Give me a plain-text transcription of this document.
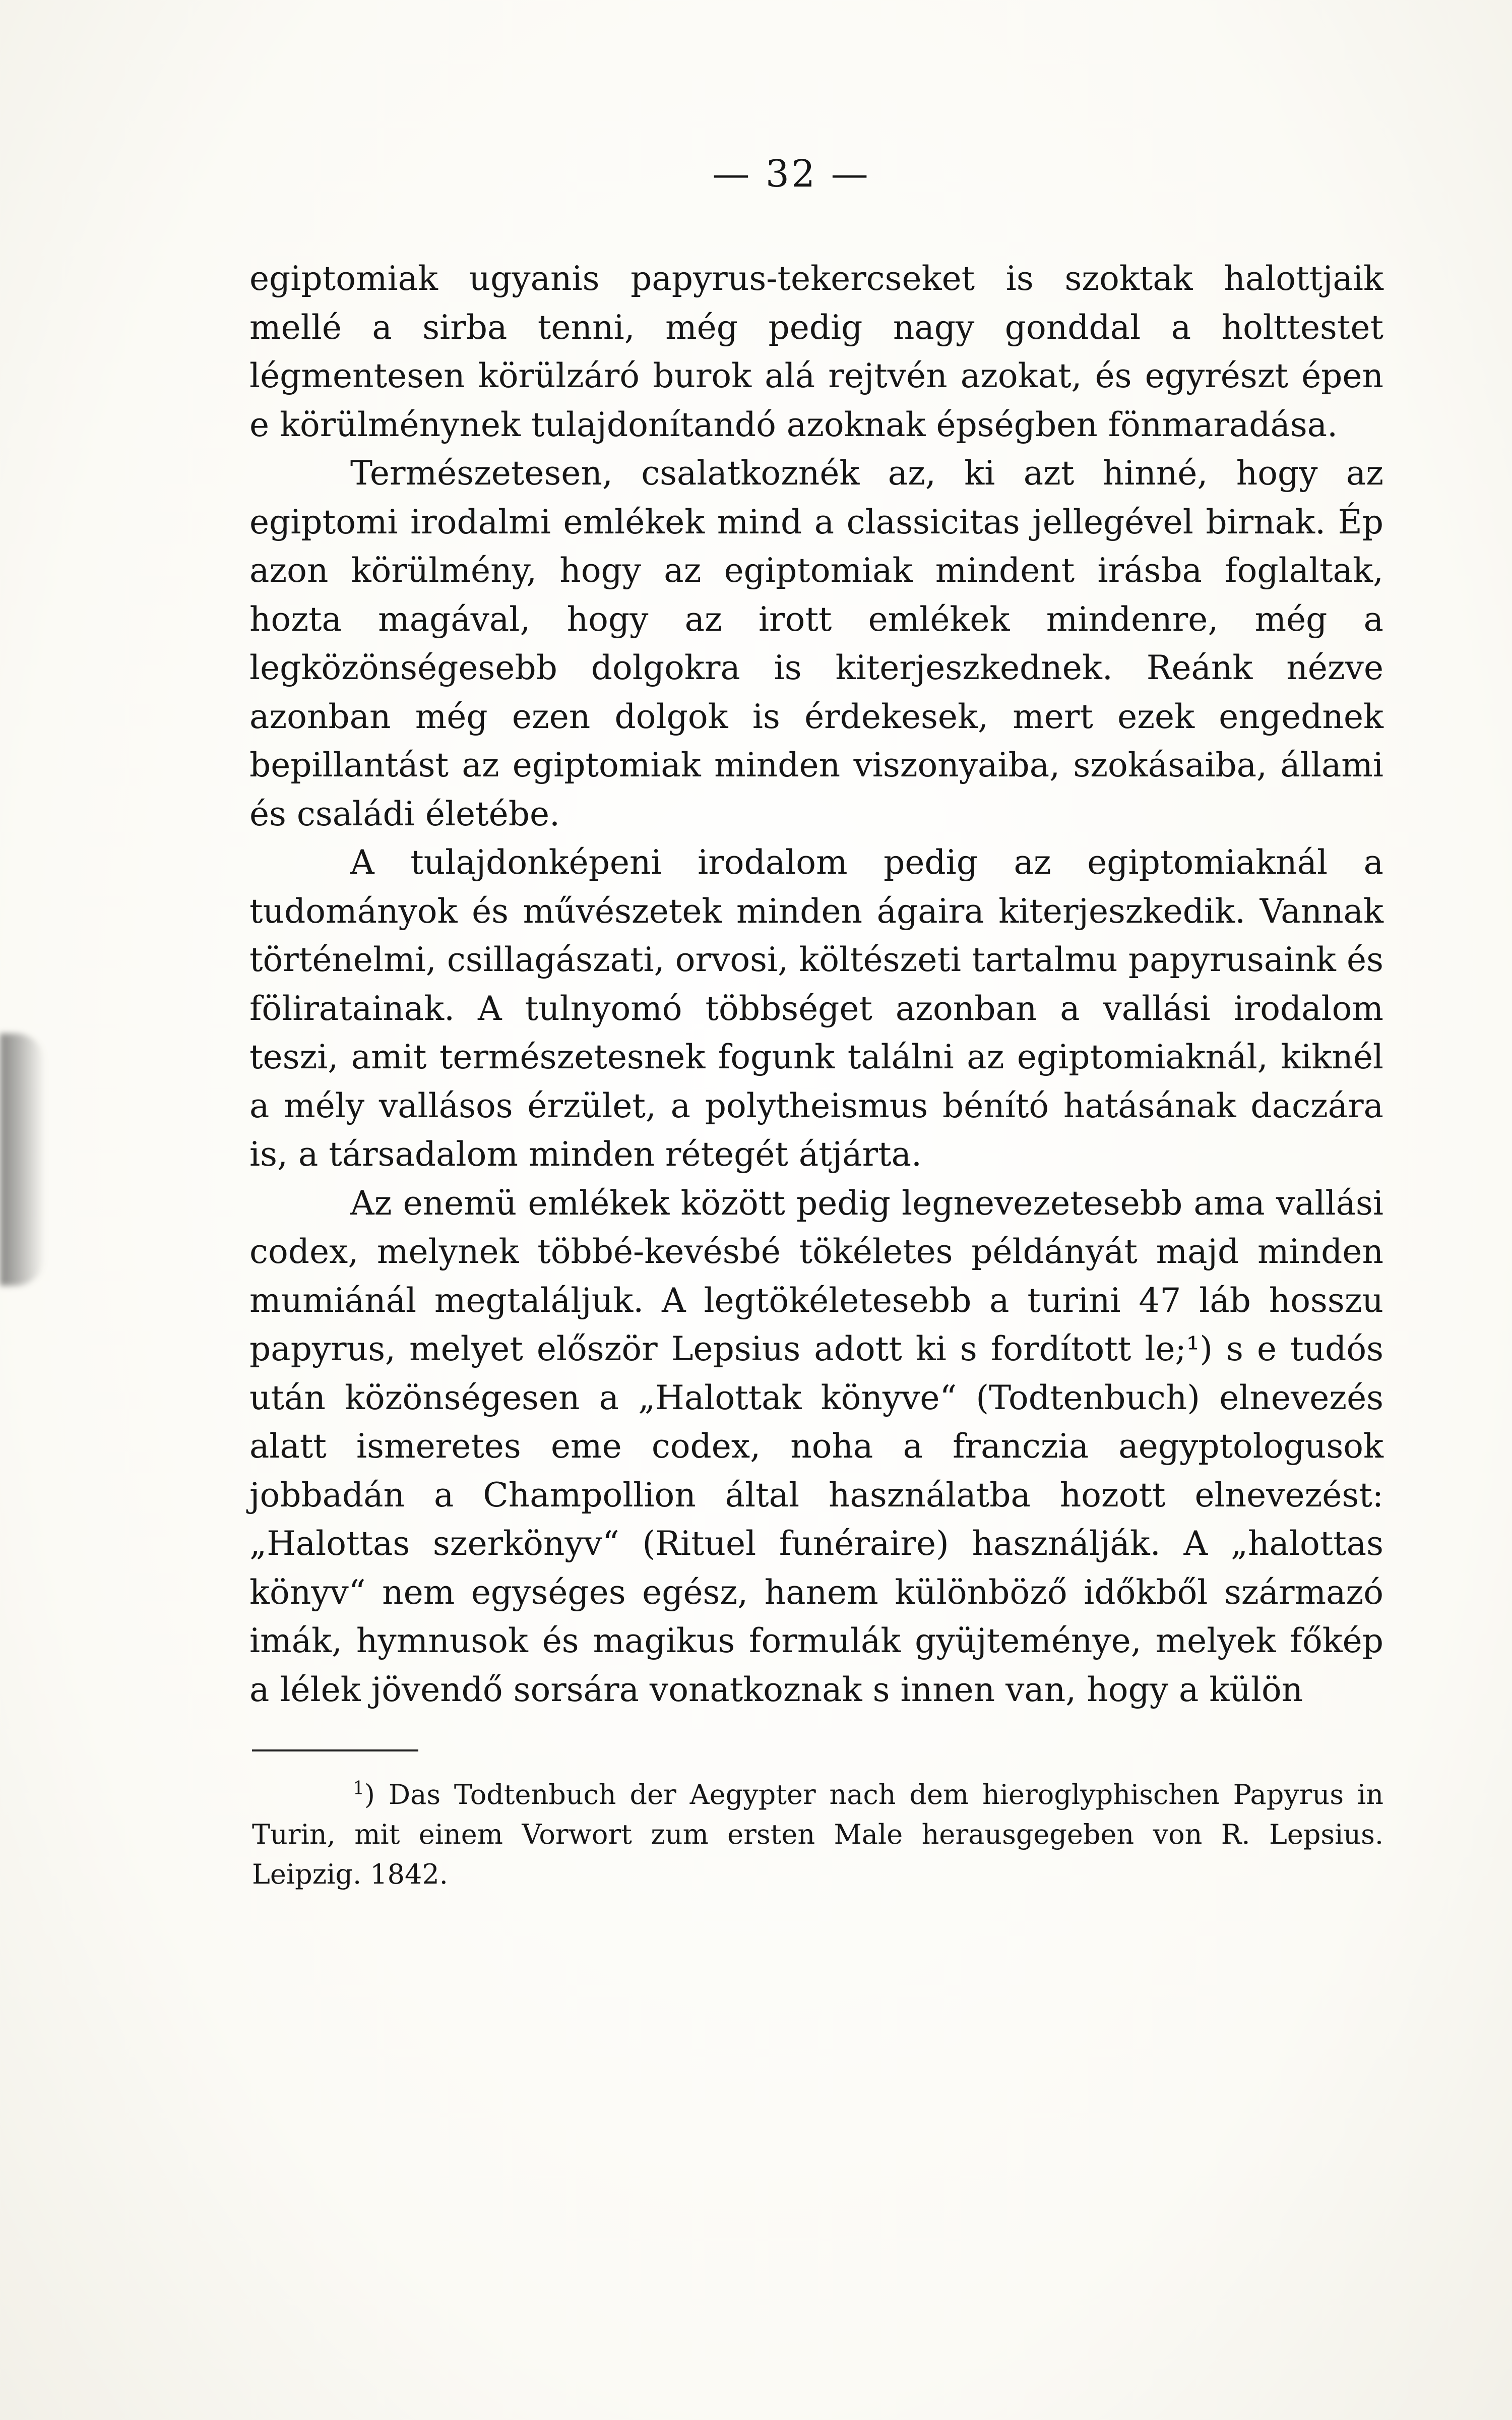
— 32 —

egiptomiak ugyanis papyrus-tekercseket is szoktak halottjaik mellé a sirba tenni, még pedig nagy gonddal a holttestet légmentesen körülzáró burok alá rejtvén azokat, és egyrészt épen e körülménynek tulajdonítandó azoknak épségben fönmaradása.

Természetesen, csalatkoznék az, ki azt hinné, hogy az egiptomi irodalmi emlékek mind a classicitas jellegével birnak. Ép azon körülmény, hogy az egiptomiak mindent irásba foglaltak, hozta magával, hogy az irott emlékek mindenre, még a legközönségesebb dolgokra is kiterjeszkednek. Reánk nézve azonban még ezen dolgok is érdekesek, mert ezek engednek bepillantást az egiptomiak minden viszonyaiba, szokásaiba, állami és családi életébe.

A tulajdonképeni irodalom pedig az egiptomiaknál a tudományok és művészetek minden ágaira kiterjeszkedik. Vannak történelmi, csillagászati, orvosi, költészeti tartalmu papyrusaink és föliratainak. A tulnyomó többséget azonban a vallási irodalom teszi, amit természetesnek fogunk találni az egiptomiaknál, kiknél a mély vallásos érzület, a polytheismus bénító hatásának daczára is, a társadalom minden rétegét átjárta.

Az enemü emlékek között pedig legnevezetesebb ama vallási codex, melynek többé-kevésbé tökéletes példányát majd minden mumiánál megtaláljuk. A legtökéletesebb a turini 47 láb hosszu papyrus, melyet először Lepsius adott ki s fordított le;¹) s e tudós után közönségesen a „Halottak könyve“ (Todtenbuch) elnevezés alatt ismeretes eme codex, noha a franczia aegyptologusok jobbadán a Champollion által használatba hozott elnevezést: „Halottas szerkönyv“ (Rituel funéraire) használják. A „halottas könyv“ nem egységes egész, hanem különböző időkből származó imák, hymnusok és magikus formulák gyüjteménye, melyek főkép a lélek jövendő sorsára vonatkoznak s innen van, hogy a külön

$^1$) Das Todtenbuch der Aegypter nach dem hieroglyphischen Papyrus in Turin, mit einem Vorwort zum ersten Male herausgegeben von R. Lepsius. Leipzig. 1842.
